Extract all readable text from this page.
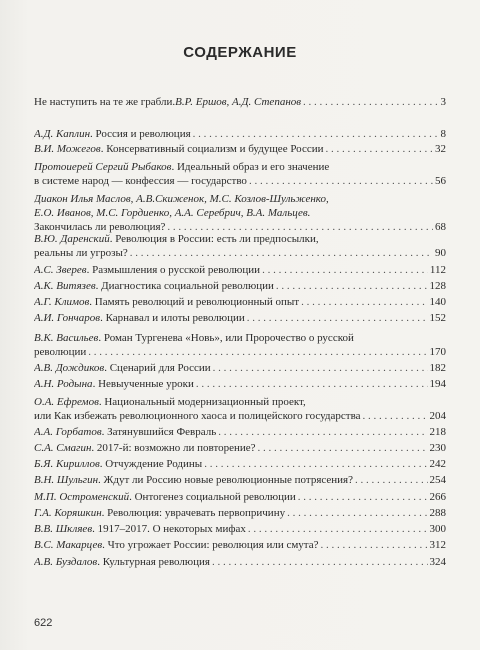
СОДЕРЖАНИЕ
Не наступить на те же грабли. В.Р. Ершов, А.Д. Степанов . . .	3
А.Д. Каплин . Россия и революция . . .	8
В.И. Можегов . Консервативный социализм и будущее России . . .	32
Протоиерей Сергий Рыбаков . Идеальный образ и его значение
в системе народ — конфессия — государство . . .	56
Диакон Илья Маслов, А.В.Скиженок, М.С. Козлов-Шульженко,
Е.О. Иванов, М.С. Гордиенко, А.А. Серебрич, В.А. Мальцев.
Закончилась ли революция? . . .	68
В.Ю. Даренский . Революция в России: есть ли предпосылки,
реальны ли угрозы? . . .	90
А.С. Зверев . Размышления о русской революции . . .	112
А.К. Витязев . Диагностика социальной революции . . .	128
А.Г. Климов . Память революций и революционный опыт . . .	140
А.И. Гончаров . Карнавал и илоты революции . . .	152
В.К. Васильев . Роман Тургенева «Новь», или Пророчество о русской
революции . . .	170
А.В. Дождиков . Сценарий для России . . .	182
А.Н. Родына . Невыученные уроки . . .	194
О.А. Ефремов . Национальный модернизационный проект,
или Как избежать революционного хаоса и полицейского государства . . .	204
А.А. Горбатов . Затянувшийся Февраль . . .	218
С.А. Смагин . 2017-й: возможно ли повторение? . . .	230
Б.Я. Кириллов . Отчуждение Родины . . .	242
В.Н. Шульгин . Ждут ли Россию новые революционные потрясения? . . .	254
М.П. Остроменский . Онтогенез социальной революции . . .	266
Г.А. Коряшкин . Революция: уврачевать первопричину . . .	288
В.В. Шкляев . 1917–2017. О некоторых мифах . . .	300
В.С. Макарцев . Что угрожает России: революция или смута? . . .	312
А.В. Буздалов . Культурная революция . . .	324
622
